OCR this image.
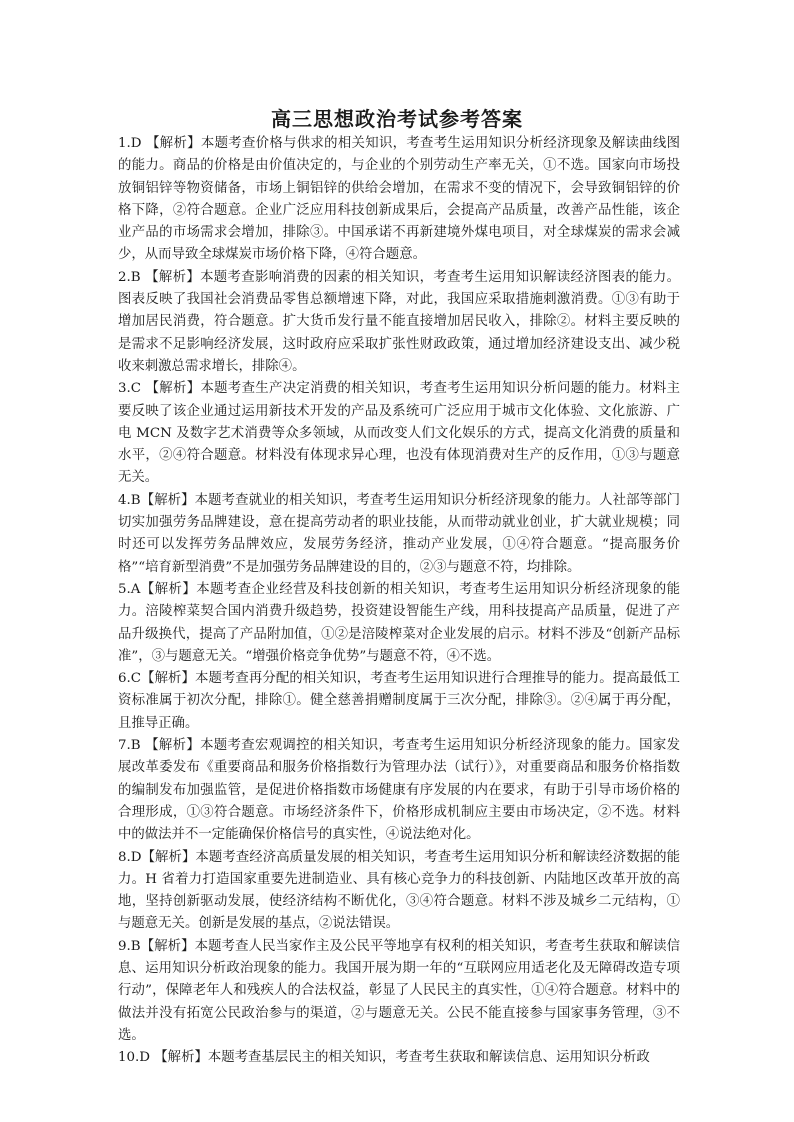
高三思想政治考试参考答案

1.D 【解析】本题考查价格与供求的相关知识，考查考生运用知识分析经济现象及解读曲线图的能力。商品的价格是由价值决定的，与企业的个别劳动生产率无关，①不选。国家向市场投放铜铝锌等物资储备，市场上铜铝锌的供给会增加，在需求不变的情况下，会导致铜铝锌的价格下降，②符合题意。企业广泛应用科技创新成果后，会提高产品质量，改善产品性能，该企业产品的市场需求会增加，排除③。中国承诺不再新建境外煤电项目，对全球煤炭的需求会减少，从而导致全球煤炭市场价格下降，④符合题意。

2.B 【解析】本题考查影响消费的因素的相关知识，考查考生运用知识解读经济图表的能力。图表反映了我国社会消费品零售总额增速下降，对此，我国应采取措施刺激消费。①③有助于增加居民消费，符合题意。扩大货币发行量不能直接增加居民收入，排除②。材料主要反映的是需求不足影响经济发展，这时政府应采取扩张性财政政策，通过增加经济建设支出、减少税收来刺激总需求增长，排除④。

3.C 【解析】本题考查生产决定消费的相关知识，考查考生运用知识分析问题的能力。材料主要反映了该企业通过运用新技术开发的产品及系统可广泛应用于城市文化体验、文化旅游、广电 MCN 及数字艺术消费等众多领域，从而改变人们文化娱乐的方式，提高文化消费的质量和水平，②④符合题意。材料没有体现求异心理，也没有体现消费对生产的反作用，①③与题意无关。

4.B【解析】本题考查就业的相关知识，考查考生运用知识分析经济现象的能力。人社部等部门切实加强劳务品牌建设，意在提高劳动者的职业技能，从而带动就业创业，扩大就业规模；同时还可以发挥劳务品牌效应，发展劳务经济，推动产业发展，①④符合题意。“提高服务价格”“培育新型消费”不是加强劳务品牌建设的目的，②③与题意不符，均排除。

5.A【解析】本题考查企业经营及科技创新的相关知识，考查考生运用知识分析经济现象的能力。涪陵榨菜契合国内消费升级趋势，投资建设智能生产线，用科技提高产品质量，促进了产品升级换代，提高了产品附加值，①②是涪陵榨菜对企业发展的启示。材料不涉及“创新产品标准”，③与题意无关。“增强价格竞争优势”与题意不符，④不选。

6.C【解析】本题考查再分配的相关知识，考查考生运用知识进行合理推导的能力。提高最低工资标准属于初次分配，排除①。健全慈善捐赠制度属于三次分配，排除③。②④属于再分配，且推导正确。

7.B 【解析】本题考查宏观调控的相关知识，考查考生运用知识分析经济现象的能力。国家发展改革委发布《重要商品和服务价格指数行为管理办法（试行）》，对重要商品和服务价格指数的编制发布加强监管，是促进价格指数市场健康有序发展的内在要求，有助于引导市场价格的合理形成，①③符合题意。市场经济条件下，价格形成机制应主要由市场决定，②不选。材料中的做法并不一定能确保价格信号的真实性，④说法绝对化。

8.D【解析】本题考查经济高质量发展的相关知识，考查考生运用知识分析和解读经济数据的能力。H 省着力打造国家重要先进制造业、具有核心竞争力的科技创新、内陆地区改革开放的高地，坚持创新驱动发展，使经济结构不断优化，③④符合题意。材料不涉及城乡二元结构，①与题意无关。创新是发展的基点，②说法错误。

9.B【解析】本题考查人民当家作主及公民平等地享有权利的相关知识，考查考生获取和解读信息、运用知识分析政治现象的能力。我国开展为期一年的“互联网应用适老化及无障碍改造专项行动”，保障老年人和残疾人的合法权益，彰显了人民民主的真实性，①④符合题意。材料中的做法并没有拓宽公民政治参与的渠道，②与题意无关。公民不能直接参与国家事务管理，③不选。

10.D 【解析】本题考查基层民主的相关知识，考查考生获取和解读信息、运用知识分析政
